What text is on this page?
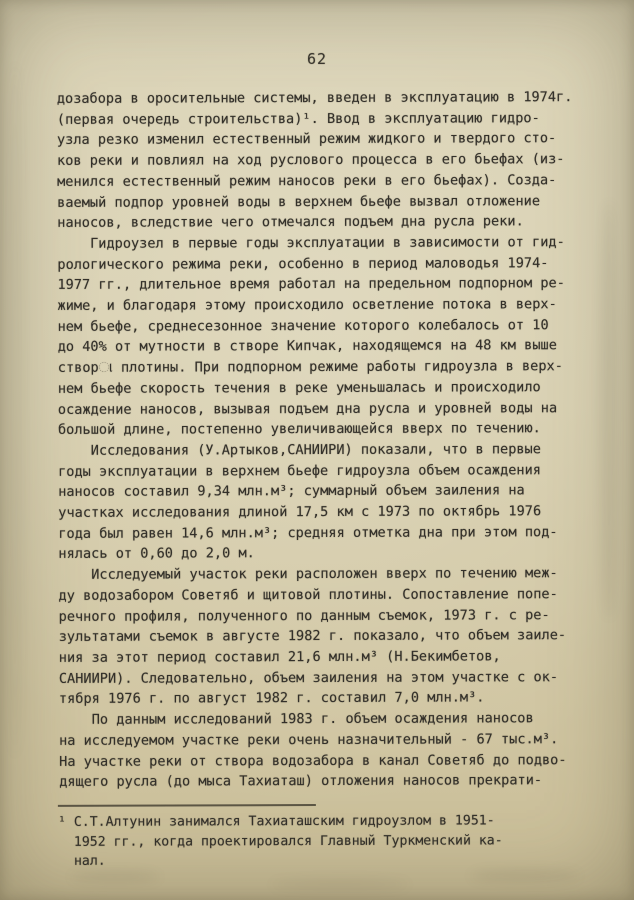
62

дозабора в оросительные системы, введен в эксплуатацию в 1974г.
(первая очередь строительства)¹. Ввод в эксплуатацию гидро-
узла резко изменил естественный режим жидкого и твердого сто-
ков реки и повлиял на ход руслового процесса в его бьефах (из-
менился естественный режим наносов реки в его бьефах). Созда-
ваемый подпор уровней воды в верхнем бьефе вызвал отложение
наносов, вследствие чего отмечался подъем дна русла реки.

Гидроузел в первые годы эксплуатации в зависимости от гид-
рологического режима реки, особенно в период маловодья 1974-
1977 гг., длительное время работал на предельном подпорном ре-
жиме, и благодаря этому происходило осветление потока в верх-
нем бьефе, среднесезонное значение которого колебалось от 10
до 40% от мутности в створе Кипчак, находящемся на 48 км выше
створા плотины. При подпорном режиме работы гидроузла в верх-
нем бьефе скорость течения в реке уменьшалась и происходило
осаждение наносов, вызывая подъем дна русла и уровней воды на
большой длине, постепенно увеличивающейся вверх по течению.

Исследования (У.Артыков,САНИИРИ) показали, что в первые
годы эксплуатации в верхнем бьефе гидроузла объем осаждения
наносов составил 9,34 млн.м³; суммарный объем заиления на
участках исследования длиной 17,5 км с 1973 по октябрь 1976
года был равен 14,6 млн.м³; средняя отметка дна при этом под-
нялась от 0,60 до 2,0 м.

Исследуемый участок реки расположен вверх по течению меж-
ду водозабором Советяб и щитовой плотины. Сопоставление попе-
речного профиля, полученного по данным съемок, 1973 г. с ре-
зультатами съемок в августе 1982 г. показало, что объем заиле-
ния за этот период составил 21,6 млн.м³ (Н.Бекимбетов,
САНИИРИ). Следовательно, объем заиления на этом участке с ок-
тября 1976 г. по август 1982 г. составил 7,0 млн.м³.

По данным исследований 1983 г. объем осаждения наносов
на исследуемом участке реки очень назначительный - 67 тыс.м³.
На участке реки от створа водозабора в канал Советяб до подво-
дящего русла (до мыса Тахиаташ) отложения наносов прекрати-

¹ С.Т.Алтунин занимался Тахиаташским гидроузлом в 1951-
1952 гг., когда проектировался Главный Туркменский ка-
нал.
